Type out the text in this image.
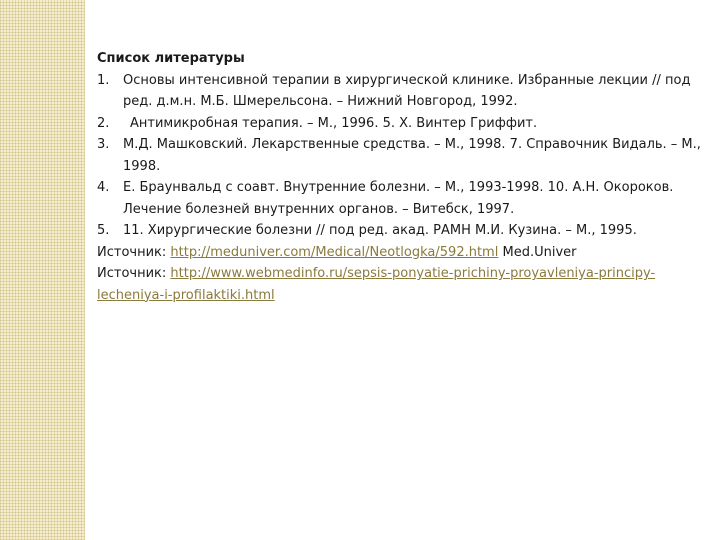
Список литературы
1. Основы интенсивной терапии в хирургической клинике. Избранные лекции // под ред. д.м.н. М.Б. Шмерельсона. – Нижний Новгород, 1992.
2.	Антимикробная терапия. – М., 1996. 5. Х. Винтер Гриффит.
3. М.Д. Машковский. Лекарственные средства. – М., 1998. 7. Справочник Видаль. – М., 1998.
4. Е. Браунвальд с соавт. Внутренние болезни. – М., 1993-1998. 10. А.Н. Окороков. Лечение болезней внутренних органов. – Витебск, 1997.
5. 11. Хирургические болезни // под ред. акад. РАМН М.И. Кузина. – М., 1995.
Источник: http://meduniver.com/Medical/Neotlogka/592.html Med.Univer
Источник: http://www.webmedinfo.ru/sepsis-ponyatie-prichiny-proyavleniya-principy-lecheniya-i-profilaktiki.html
